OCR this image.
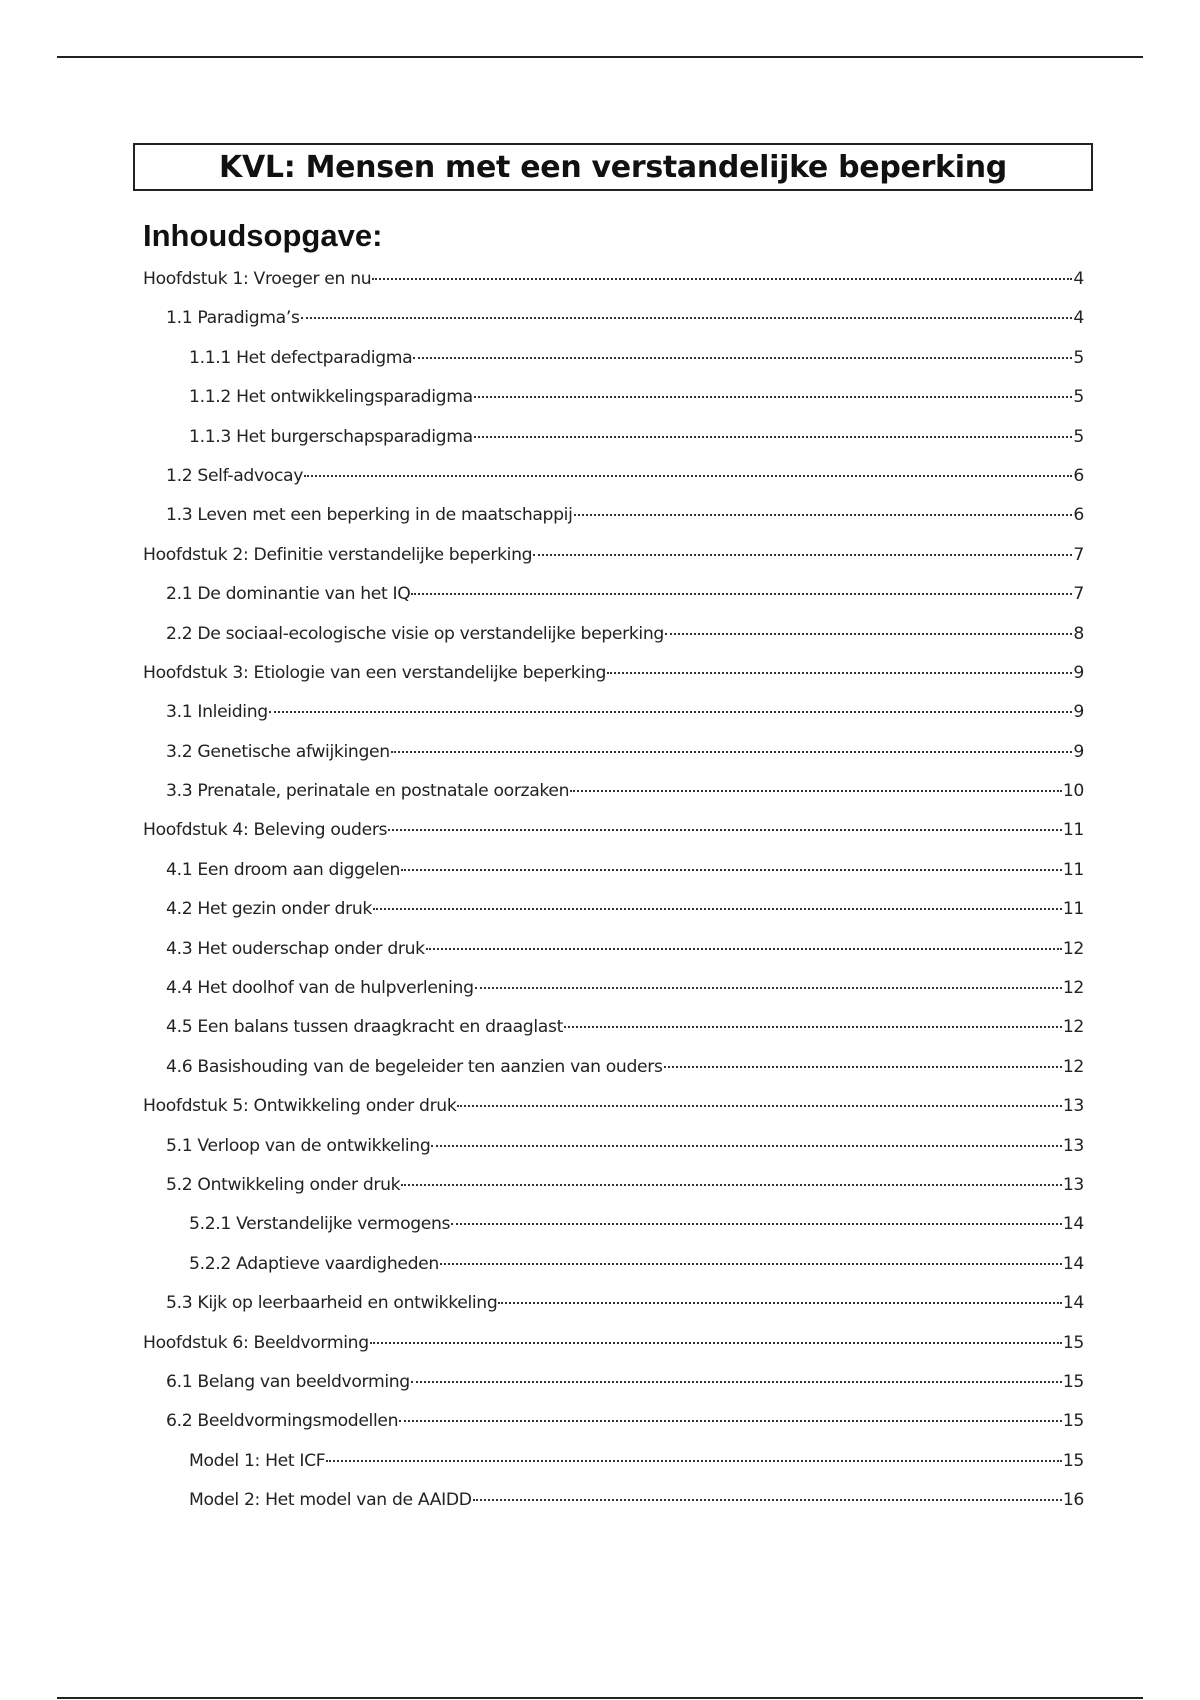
KVL: Mensen met een verstandelijke beperking
Inhoudsopgave:
Hoofdstuk 1: Vroeger en nu	4
1.1 Paradigma’s	4
1.1.1 Het defectparadigma	5
1.1.2 Het ontwikkelingsparadigma	5
1.1.3 Het burgerschapsparadigma	5
1.2 Self-advocay	6
1.3 Leven met een beperking in de maatschappij	6
Hoofdstuk 2: Definitie verstandelijke beperking	7
2.1 De dominantie van het IQ	7
2.2 De sociaal-ecologische visie op verstandelijke beperking	8
Hoofdstuk 3: Etiologie van een verstandelijke beperking	9
3.1 Inleiding	9
3.2 Genetische afwijkingen	9
3.3 Prenatale, perinatale en postnatale oorzaken	10
Hoofdstuk 4: Beleving ouders	11
4.1 Een droom aan diggelen	11
4.2 Het gezin onder druk	11
4.3 Het ouderschap onder druk	12
4.4 Het doolhof van de hulpverlening	12
4.5 Een balans tussen draagkracht en draaglast	12
4.6 Basishouding van de begeleider ten aanzien van ouders	12
Hoofdstuk 5: Ontwikkeling onder druk	13
5.1 Verloop van de ontwikkeling	13
5.2 Ontwikkeling onder druk	13
5.2.1 Verstandelijke vermogens	14
5.2.2 Adaptieve vaardigheden	14
5.3 Kijk op leerbaarheid en ontwikkeling	14
Hoofdstuk 6: Beeldvorming	15
6.1 Belang van beeldvorming	15
6.2 Beeldvormingsmodellen	15
Model 1: Het ICF	15
Model 2: Het model van de AAIDD	16
